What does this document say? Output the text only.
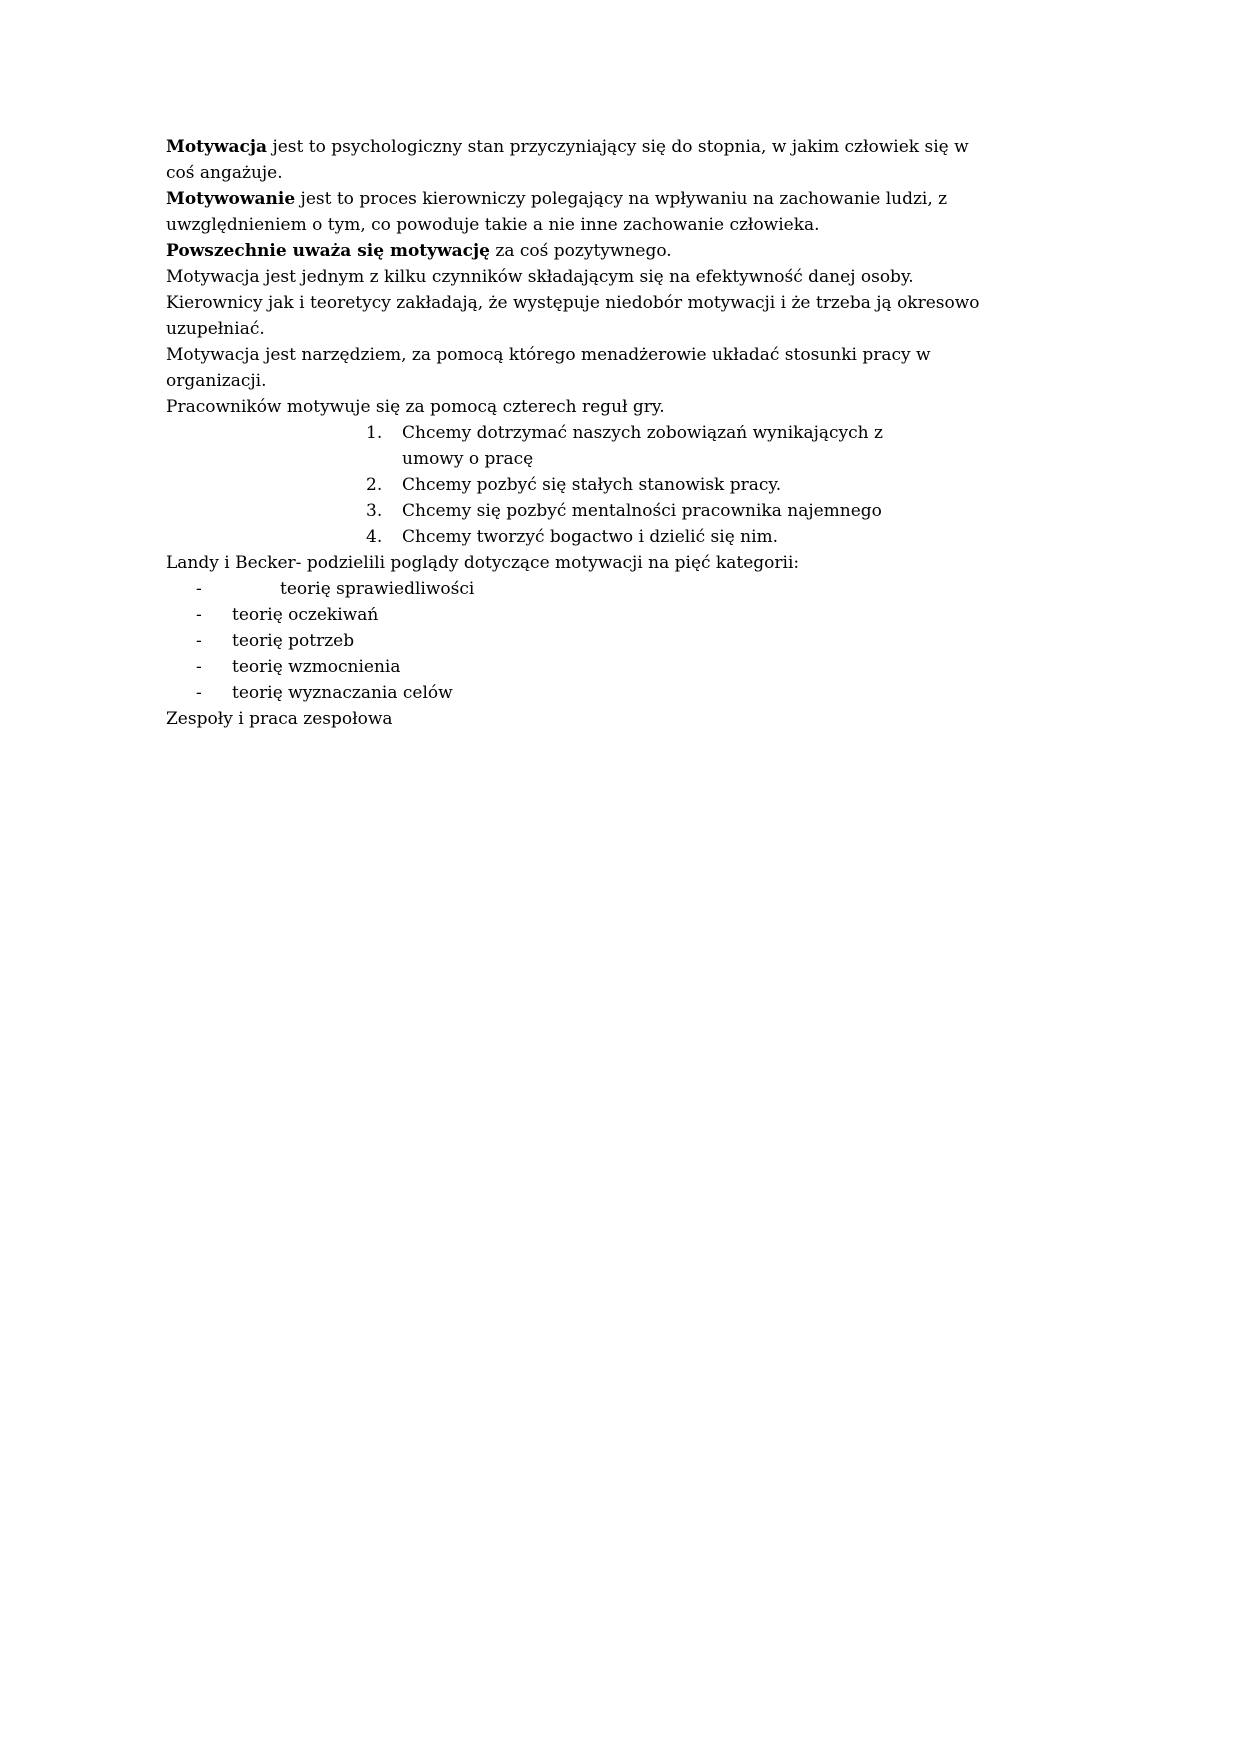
Motywacja jest to psychologiczny stan przyczyniający się do stopnia, w jakim człowiek się w coś angażuje.

Motywowanie jest to proces kierowniczy polegający na wpływaniu na zachowanie ludzi, z uwzględnieniem o tym, co powoduje takie a nie inne zachowanie człowieka.

Powszechnie uważa się motywację za coś pozytywnego.

Motywacja jest jednym z kilku czynników składającym się na efektywność danej osoby.

Kierownicy jak i teoretycy zakładają, że występuje niedobór motywacji i że trzeba ją okresowo uzupełniać.

Motywacja jest narzędziem, za pomocą którego menadżerowie układać stosunki pracy w organizacji.

Pracowników motywuje się za pomocą czterech reguł gry.

1.	Chcemy dotrzymać naszych zobowiązań wynikających z umowy o pracę
2.	Chcemy pozbyć się stałych stanowisk pracy.
3.	Chcemy się pozbyć mentalności pracownika najemnego
4.	Chcemy tworzyć bogactwo i dzielić się nim.

Landy i Becker- podzielili poglądy dotyczące motywacji na pięć kategorii:

-	teorię sprawiedliwości
-	teorię oczekiwań
-	teorię potrzeb
-	teorię wzmocnienia
-	teorię wyznaczania celów

Zespoły i praca zespołowa
